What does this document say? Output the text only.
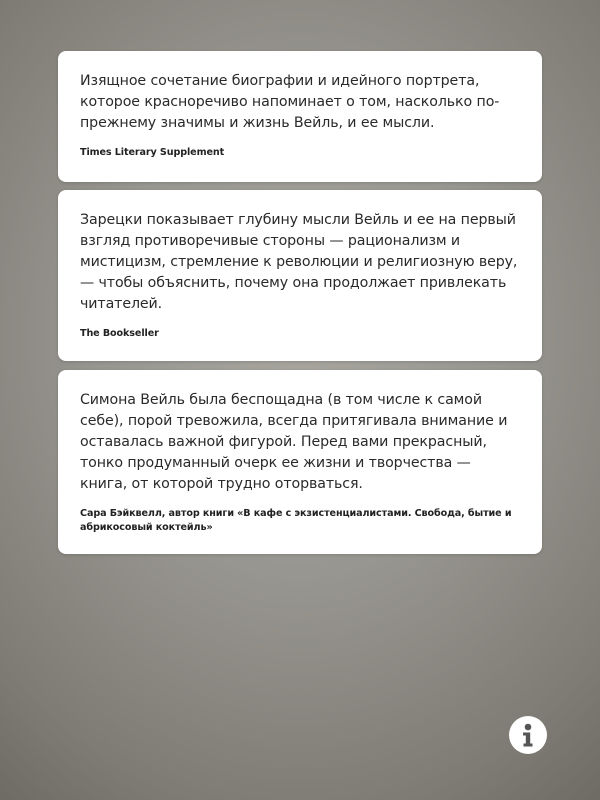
Изящное сочетание биографии и идейного портрета, которое красноречиво напоминает о том, насколько по-прежнему значимы и жизнь Вейль, и ее мысли.

Times Literary Supplement

Зарецки показывает глубину мысли Вейль и ее на первый взгляд противоречивые стороны — рационализм и мистицизм, стремление к революции и религиозную веру, — чтобы объяснить, почему она продолжает привлекать читателей.

The Bookseller

Симона Вейль была беспощадна (в том числе к самой себе), порой тревожила, всегда притягивала внимание и оставалась важной фигурой. Перед вами прекрасный, тонко продуманный очерк ее жизни и творчества — книга, от которой трудно оторваться.

Сара Бэйквелл, автор книги «В кафе с экзистенциалистами. Свобода, бытие и абрикосовый коктейль»
